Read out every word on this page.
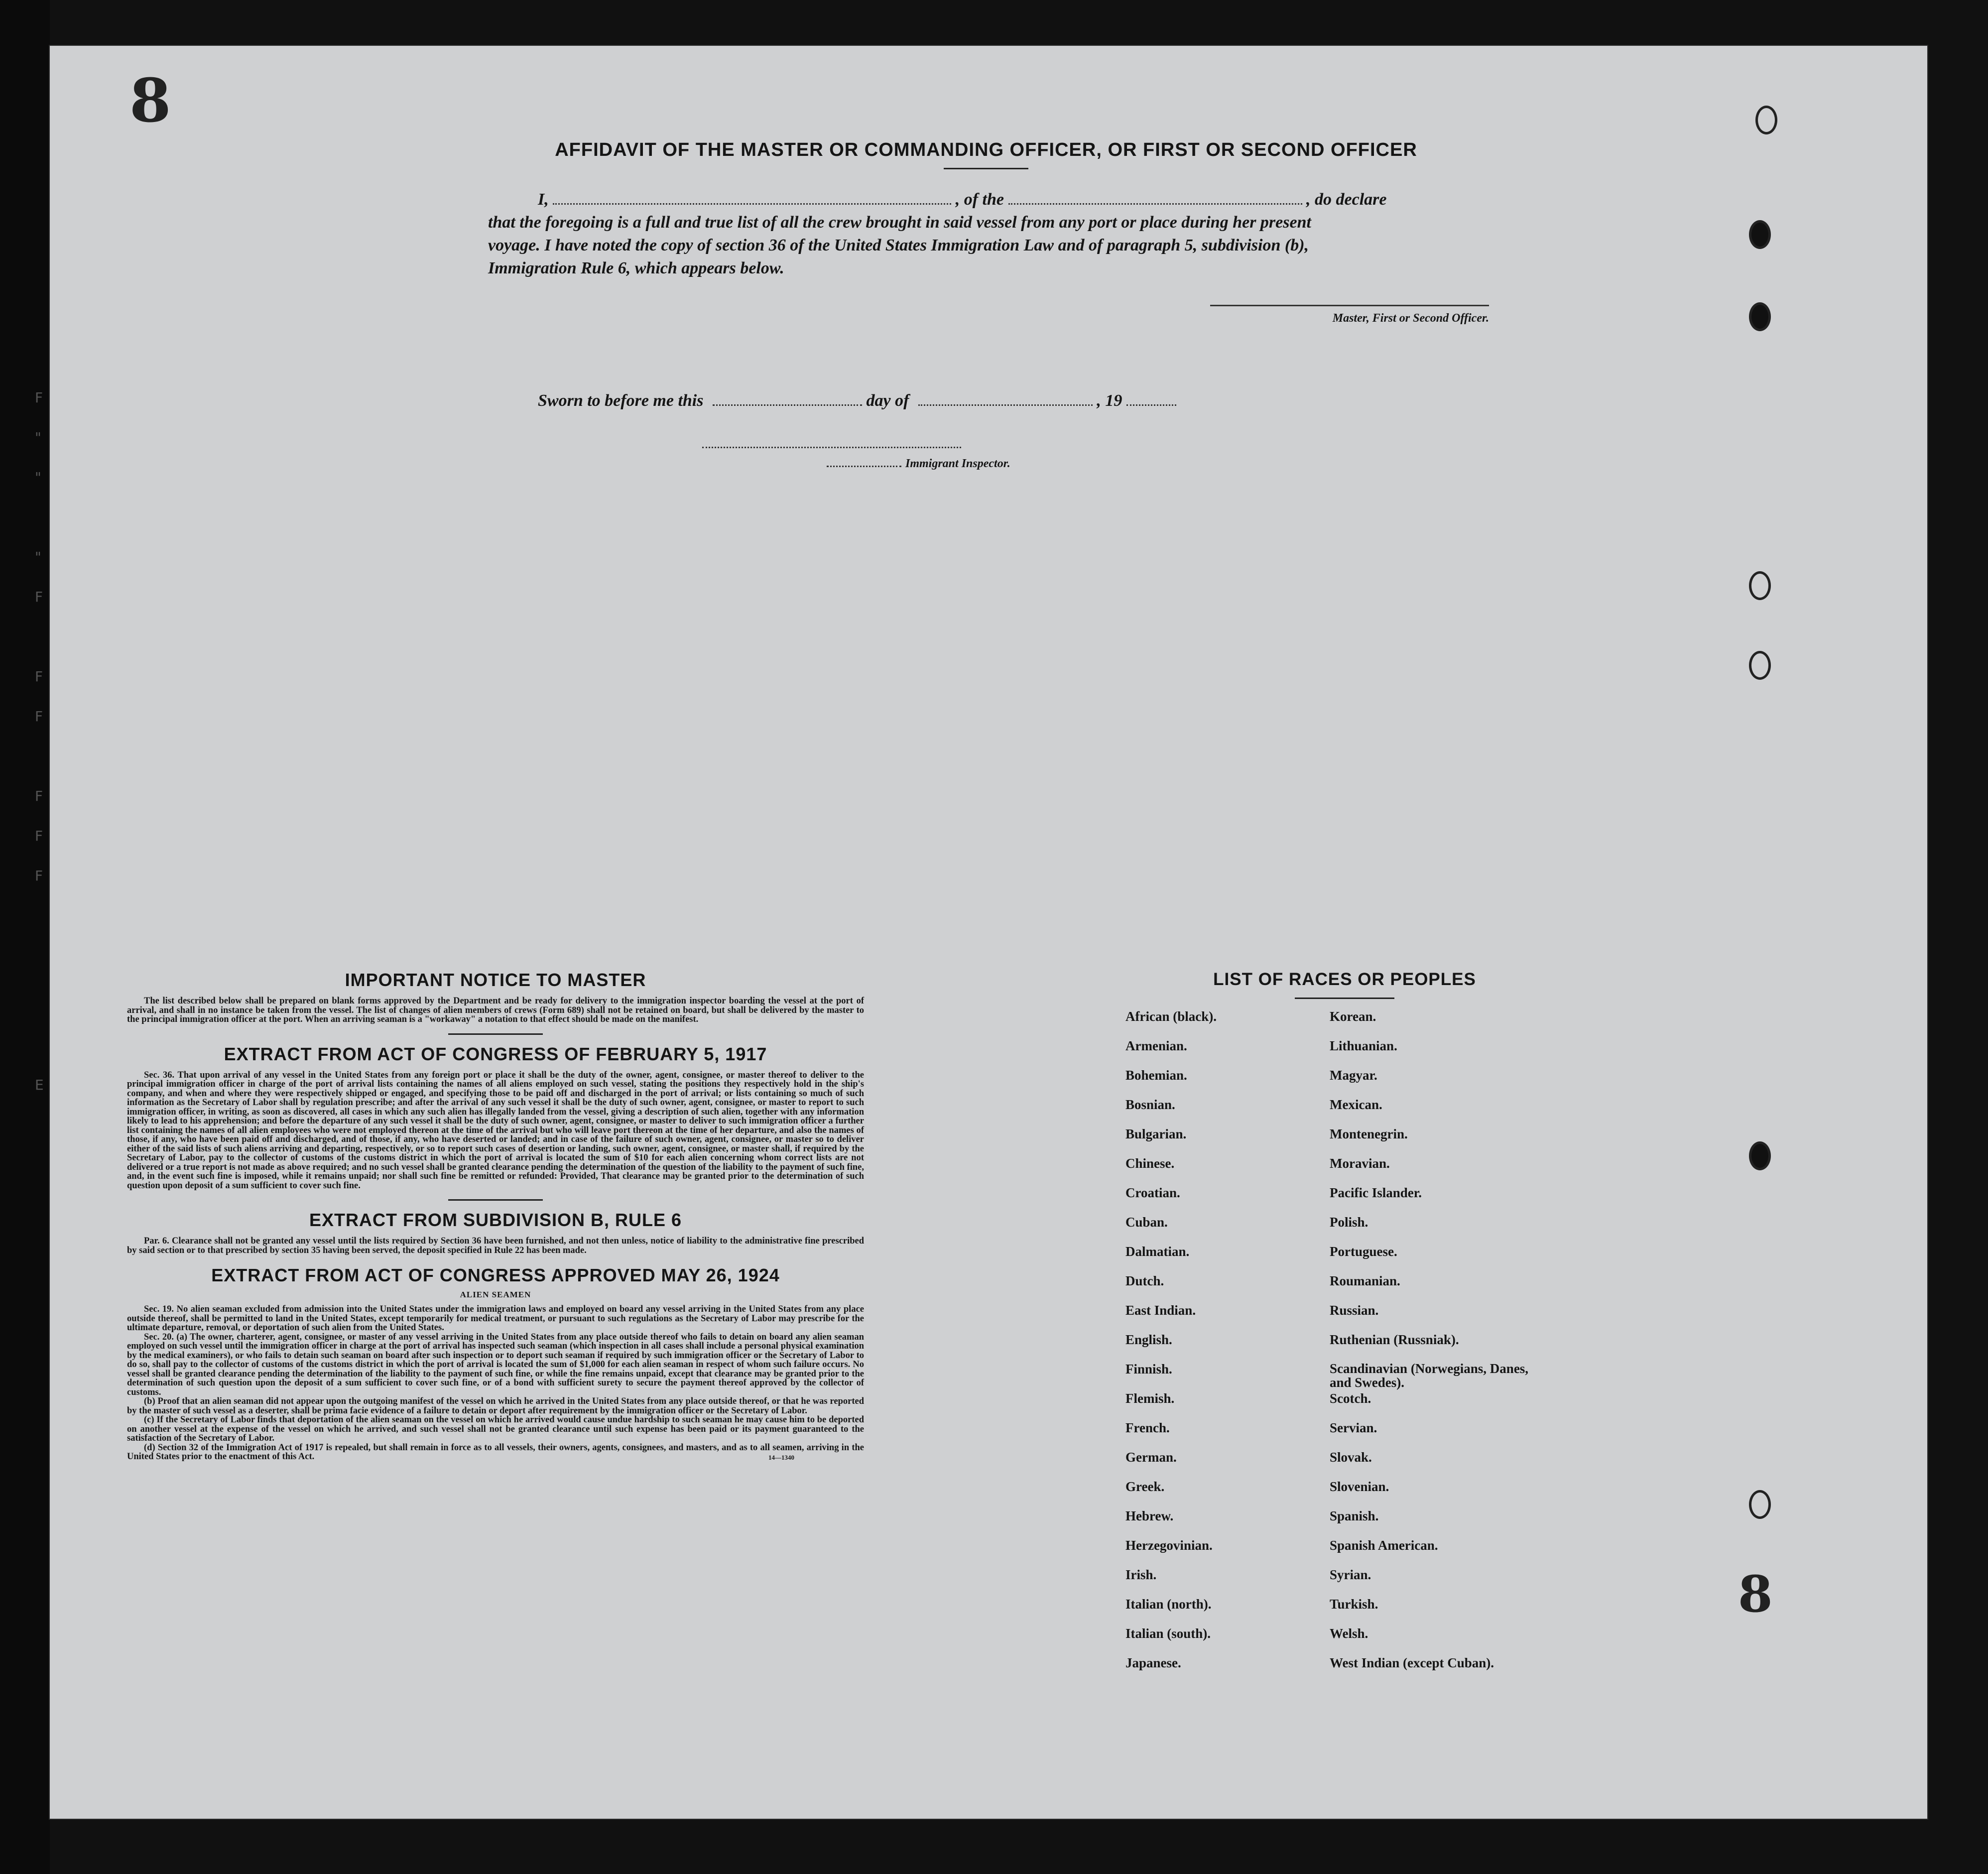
8
F
"
"
"
F
F
F
F
F
F
E
AFFIDAVIT OF THE MASTER OR COMMANDING OFFICER, OR FIRST OR SECOND OFFICER
I,	, of the	, do declare
that the foregoing is a full and true list of all the crew brought in said vessel from any port or place during her present
voyage. I have noted the copy of section 36 of the United States Immigration Law and of paragraph 5, subdivision (b),
Immigration Rule 6, which appears below.
Master, First or Second Officer.
Sworn to before me this	day of	, 19
Immigrant Inspector.
IMPORTANT NOTICE TO MASTER

The list described below shall be prepared on blank forms approved by the Department and be ready for delivery to the immigration inspector boarding the vessel at the port of arrival, and shall in no instance be taken from the vessel. The list of changes of alien members of crews (Form 689) shall not be retained on board, but shall be delivered by the master to the principal immigration officer at the port. When an arriving seaman is a "workaway" a notation to that effect should be made on the manifest.

EXTRACT FROM ACT OF CONGRESS OF FEBRUARY 5, 1917

Sec. 36. That upon arrival of any vessel in the United States from any foreign port or place it shall be the duty of the owner, agent, consignee, or master thereof to deliver to the principal immigration officer in charge of the port of arrival lists containing the names of all aliens employed on such vessel, stating the positions they respectively hold in the ship's company, and when and where they were respectively shipped or engaged, and specifying those to be paid off and discharged in the port of arrival; or lists containing so much of such information as the Secretary of Labor shall by regulation prescribe; and after the arrival of any such vessel it shall be the duty of such owner, agent, consignee, or master to report to such immigration officer, in writing, as soon as discovered, all cases in which any such alien has illegally landed from the vessel, giving a description of such alien, together with any information likely to lead to his apprehension; and before the departure of any such vessel it shall be the duty of such owner, agent, consignee, or master to deliver to such immigration officer a further list containing the names of all alien employees who were not employed thereon at the time of the arrival but who will leave port thereon at the time of her departure, and also the names of those, if any, who have been paid off and discharged, and of those, if any, who have deserted or landed; and in case of the failure of such owner, agent, consignee, or master so to deliver either of the said lists of such aliens arriving and departing, respectively, or so to report such cases of desertion or landing, such owner, agent, consignee, or master shall, if required by the Secretary of Labor, pay to the collector of customs of the customs district in which the port of arrival is located the sum of $10 for each alien concerning whom correct lists are not delivered or a true report is not made as above required; and no such vessel shall be granted clearance pending the determination of the question of the liability to the payment of such fine, and, in the event such fine is imposed, while it remains unpaid; nor shall such fine be remitted or refunded: Provided, That clearance may be granted prior to the determination of such question upon deposit of a sum sufficient to cover such fine.

EXTRACT FROM SUBDIVISION B, RULE 6

Par. 6. Clearance shall not be granted any vessel until the lists required by Section 36 have been furnished, and not then unless, notice of liability to the administrative fine prescribed by said section or to that prescribed by section 35 having been served, the deposit specified in Rule 22 has been made.

EXTRACT FROM ACT OF CONGRESS APPROVED MAY 26, 1924
ALIEN SEAMEN

Sec. 19. No alien seaman excluded from admission into the United States under the immigration laws and employed on board any vessel arriving in the United States from any place outside thereof, shall be permitted to land in the United States, except temporarily for medical treatment, or pursuant to such regulations as the Secretary of Labor may prescribe for the ultimate departure, removal, or deportation of such alien from the United States.

Sec. 20. (a) The owner, charterer, agent, consignee, or master of any vessel arriving in the United States from any place outside thereof who fails to detain on board any alien seaman employed on such vessel until the immigration officer in charge at the port of arrival has inspected such seaman (which inspection in all cases shall include a personal physical examination by the medical examiners), or who fails to detain such seaman on board after such inspection or to deport such seaman if required by such immigration officer or the Secretary of Labor to do so, shall pay to the collector of customs of the customs district in which the port of arrival is located the sum of $1,000 for each alien seaman in respect of whom such failure occurs. No vessel shall be granted clearance pending the determination of the liability to the payment of such fine, or while the fine remains unpaid, except that clearance may be granted prior to the determination of such question upon the deposit of a sum sufficient to cover such fine, or of a bond with sufficient surety to secure the payment thereof approved by the collector of customs.

(b) Proof that an alien seaman did not appear upon the outgoing manifest of the vessel on which he arrived in the United States from any place outside thereof, or that he was reported by the master of such vessel as a deserter, shall be prima facie evidence of a failure to detain or deport after requirement by the immigration officer or the Secretary of Labor.

(c) If the Secretary of Labor finds that deportation of the alien seaman on the vessel on which he arrived would cause undue hardship to such seaman he may cause him to be deported on another vessel at the expense of the vessel on which he arrived, and such vessel shall not be granted clearance until such expense has been paid or its payment guaranteed to the satisfaction of the Secretary of Labor.

(d) Section 32 of the Immigration Act of 1917 is repealed, but shall remain in force as to all vessels, their owners, agents, consignees, and masters, and as to all seamen, arriving in the United States prior to the enactment of this Act.	14—1340
LIST OF RACES OR PEOPLES
African (black).	Korean.
Armenian.	Lithuanian.
Bohemian.	Magyar.
Bosnian.	Mexican.
Bulgarian.	Montenegrin.
Chinese.	Moravian.
Croatian.	Pacific Islander.
Cuban.	Polish.
Dalmatian.	Portuguese.
Dutch.	Roumanian.
East Indian.	Russian.
English.	Ruthenian (Russniak).
Finnish.	Scandinavian (Norwegians, Danes, and Swedes).
Flemish.	Scotch.
French.	Servian.
German.	Slovak.
Greek.	Slovenian.
Hebrew.	Spanish.
Herzegovinian.	Spanish American.
Irish.	Syrian.
Italian (north).	Turkish.
Italian (south).	Welsh.
Japanese.	West Indian (except Cuban).
8
